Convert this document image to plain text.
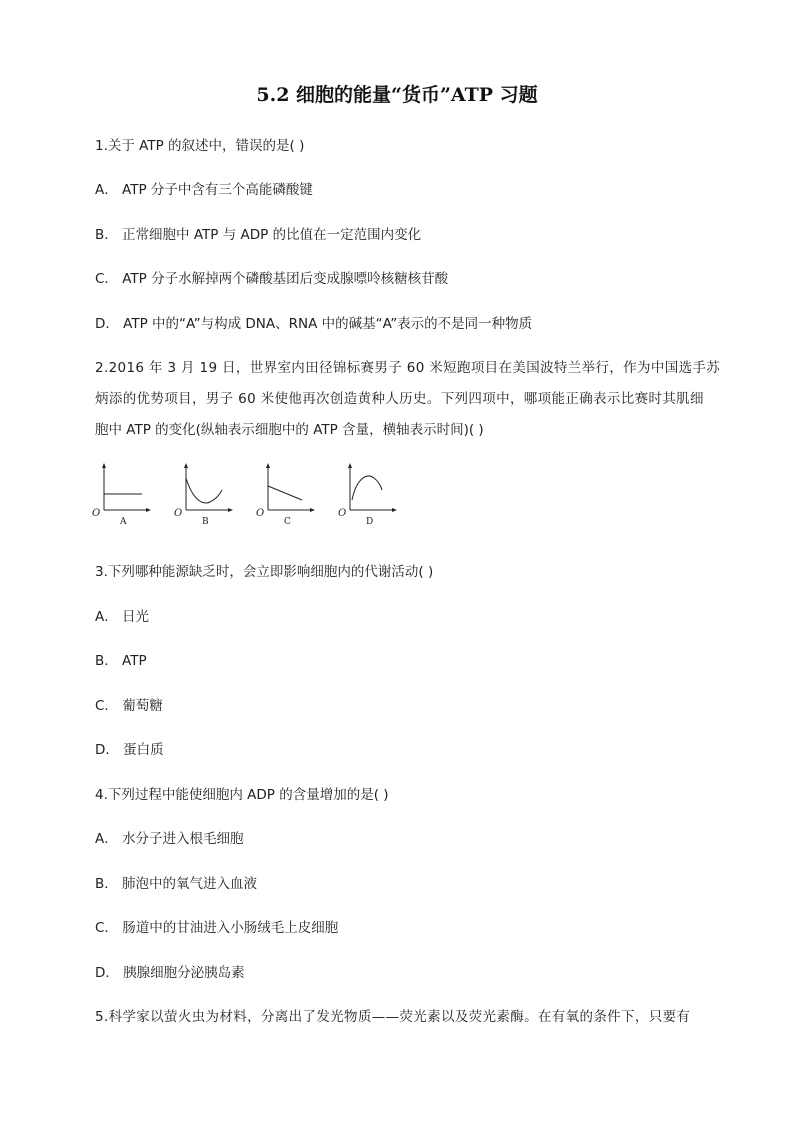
5.2 细胞的能量“货币”ATP 习题
1.关于 ATP 的叙述中，错误的是( )
A． ATP 分子中含有三个高能磷酸键
B． 正常细胞中 ATP 与 ADP 的比值在一定范围内变化
C． ATP 分子水解掉两个磷酸基团后变成腺嘌呤核糖核苷酸
D． ATP 中的“A”与构成 DNA、RNA 中的碱基“A”表示的不是同一种物质
2.2016 年 3 月 19 日，世界室内田径锦标赛男子 60 米短跑项目在美国波特兰举行，作为中国选手苏
炳添的优势项目，男子 60 米使他再次创造黄种人历史。下列四项中，哪项能正确表示比赛时其肌细
胞中 ATP 的变化(纵轴表示细胞中的 ATP 含量，横轴表示时间)( )
O
A
O
B
O
C
O
D
3.下列哪种能源缺乏时，会立即影响细胞内的代谢活动( )
A． 日光
B． ATP
C． 葡萄糖
D． 蛋白质
4.下列过程中能使细胞内 ADP 的含量增加的是( )
A． 水分子进入根毛细胞
B． 肺泡中的氧气进入血液
C． 肠道中的甘油进入小肠绒毛上皮细胞
D． 胰腺细胞分泌胰岛素
5.科学家以萤火虫为材料，分离出了发光物质——荧光素以及荧光素酶。在有氧的条件下，只要有
